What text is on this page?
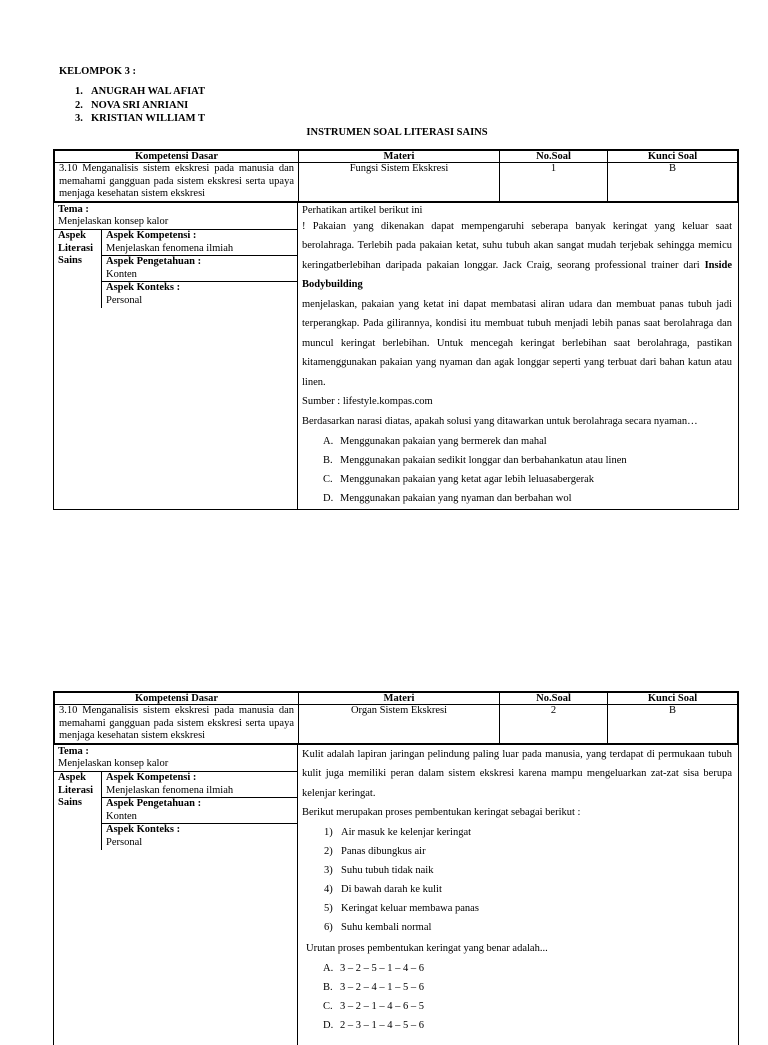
KELOMPOK 3 :
1. ANUGRAH WAL AFIAT
2. NOVA SRI ANRIANI
3. KRISTIAN WILLIAM T
INSTRUMEN SOAL LITERASI SAINS
Kompetensi Dasar	Materi	No.Soal	Kunci Soal
3.10 Menganalisis sistem ekskresi pada manusia dan memahami gangguan pada sistem ekskresi serta upaya menjaga kesehatan sistem ekskresi	Fungsi Sistem Ekskresi	1	B
Tema :
Menjelaskan konsep kalor
Aspek Literasi Sains
Aspek Kompetensi :
Menjelaskan fenomena ilmiah
Aspek Pengetahuan :
Konten
Aspek Konteks :
Personal
Perhatikan artikel berikut ini

! Pakaian yang dikenakan dapat mempengaruhi seberapa banyak keringat yang keluar saat berolahraga. Terlebih pada pakaian ketat, suhu tubuh akan sangat mudah terjebak sehingga memicu keringatberlebihan daripada pakaian longgar. Jack Craig, seorang professional trainer dari Inside Bodybuilding

menjelaskan, pakaian yang ketat ini dapat membatasi aliran udara dan membuat panas tubuh jadi terperangkap. Pada gilirannya, kondisi itu membuat tubuh menjadi lebih panas saat berolahraga dan muncul keringat berlebihan. Untuk mencegah keringat berlebihan saat berolahraga, pastikan kitamenggunakan pakaian yang nyaman dan agak longgar seperti yang terbuat dari bahan katun atau linen.

Sumber : lifestyle.kompas.com
Berdasarkan narasi diatas, apakah solusi yang ditawarkan untuk berolahraga secara nyaman…
A. Menggunakan pakaian yang bermerek dan mahal
B. Menggunakan pakaian sedikit longgar dan berbahankatun atau linen
C. Menggunakan pakaian yang ketat agar lebih leluasabergerak
D. Menggunakan pakaian yang nyaman dan berbahan wol
Kompetensi Dasar	Materi	No.Soal	Kunci Soal
3.10 Menganalisis sistem ekskresi pada manusia dan memahami gangguan pada sistem ekskresi serta upaya menjaga kesehatan sistem ekskresi	Organ Sistem Ekskresi	2	B
Tema :
Menjelaskan konsep kalor
Aspek Literasi Sains
Aspek Kompetensi :
Menjelaskan fenomena ilmiah
Aspek Pengetahuan :
Konten
Aspek Konteks :
Personal

Kulit adalah lapiran jaringan pelindung paling luar pada manusia, yang terdapat di permukaan tubuh kulit juga memiliki peran dalam sistem ekskresi karena mampu mengeluarkan zat-zat sisa berupa kelenjar keringat.

Berikut merupakan proses pembentukan keringat sebagai berikut :
1) Air masuk ke kelenjar keringat
2) Panas dibungkus air
3) Suhu tubuh tidak naik
4) Di bawah darah ke kulit
5) Keringat keluar membawa panas
6) Suhu kembali normal
Urutan proses pembentukan keringat yang benar adalah...
A. 3 – 2 – 5 – 1 – 4 – 6
B. 3 – 2 – 4 – 1 – 5 – 6
C. 3 – 2 – 1 – 4 – 6 – 5
D. 2 – 3 – 1 – 4 – 5 – 6
